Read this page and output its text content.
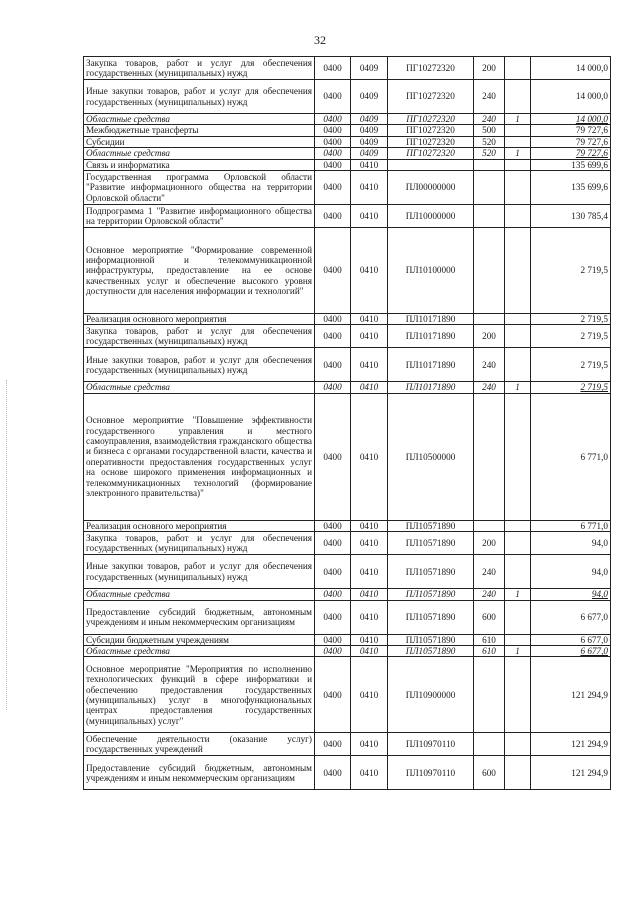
32
Закупка товаров, работ и услуг для обеспечения государственных (муниципальных) нужд	0400	0409	ПГ10272320	200		14 000,0
Иные закупки товаров, работ и услуг для обеспечения государственных (муниципальных) нужд	0400	0409	ПГ10272320	240		14 000,0
Областные средства	0400	0409	ПГ10272320	240	1	14 000,0
Межбюджетные трансферты	0400	0409	ПГ10272320	500		79 727,6
Субсидии	0400	0409	ПГ10272320	520		79 727,6
Областные средства	0400	0409	ПГ10272320	520	1	79 727,6
Связь и информатика	0400	0410				135 699,6
Государственная программа Орловской области "Развитие информационного общества на территории Орловской области"	0400	0410	ПЛ00000000			135 699,6
Подпрограмма 1 "Развитие информационного общества на территории Орловской области"	0400	0410	ПЛ10000000			130 785,4
Основное мероприятие "Формирование современной информационной и телекоммуникационной инфраструктуры, предоставление на ее основе качественных услуг и обеспечение высокого уровня доступности для населения информации и технологий"	0400	0410	ПЛ10100000			2 719,5
Реализация основного мероприятия	0400	0410	ПЛ10171890			2 719,5
Закупка товаров, работ и услуг для обеспечения государственных (муниципальных) нужд	0400	0410	ПЛ10171890	200		2 719,5
Иные закупки товаров, работ и услуг для обеспечения государственных (муниципальных) нужд	0400	0410	ПЛ10171890	240		2 719,5
Областные средства	0400	0410	ПЛ10171890	240	1	2 719,5
Основное мероприятие "Повышение эффективности государственного управления и местного самоуправления, взаимодействия гражданского общества и бизнеса с органами государственной власти, качества и оперативности предоставления государственных услуг на основе широкого применения информационных и телекоммуникационных технологий (формирование электронного правительства)"	0400	0410	ПЛ10500000			6 771,0
Реализация основного мероприятия	0400	0410	ПЛ10571890			6 771,0
Закупка товаров, работ и услуг для обеспечения государственных (муниципальных) нужд	0400	0410	ПЛ10571890	200		94,0
Иные закупки товаров, работ и услуг для обеспечения государственных (муниципальных) нужд	0400	0410	ПЛ10571890	240		94,0
Областные средства	0400	0410	ПЛ10571890	240	1	94,0
Предоставление субсидий бюджетным, автономным учреждениям и иным некоммерческим организациям	0400	0410	ПЛ10571890	600		6 677,0
Субсидии бюджетным учреждениям	0400	0410	ПЛ10571890	610		6 677,0
Областные средства	0400	0410	ПЛ10571890	610	1	6 677,0
Основное мероприятие "Мероприятия по исполнению технологических функций в сфере информатики и обеспечению предоставления государственных (муниципальных) услуг в многофункциональных центрах предоставления государственных (муниципальных) услуг"	0400	0410	ПЛ10900000			121 294,9
Обеспечение деятельности (оказание услуг) государственных учреждений	0400	0410	ПЛ10970110			121 294,9
Предоставление субсидий бюджетным, автономным учреждениям и иным некоммерческим организациям	0400	0410	ПЛ10970110	600		121 294,9
